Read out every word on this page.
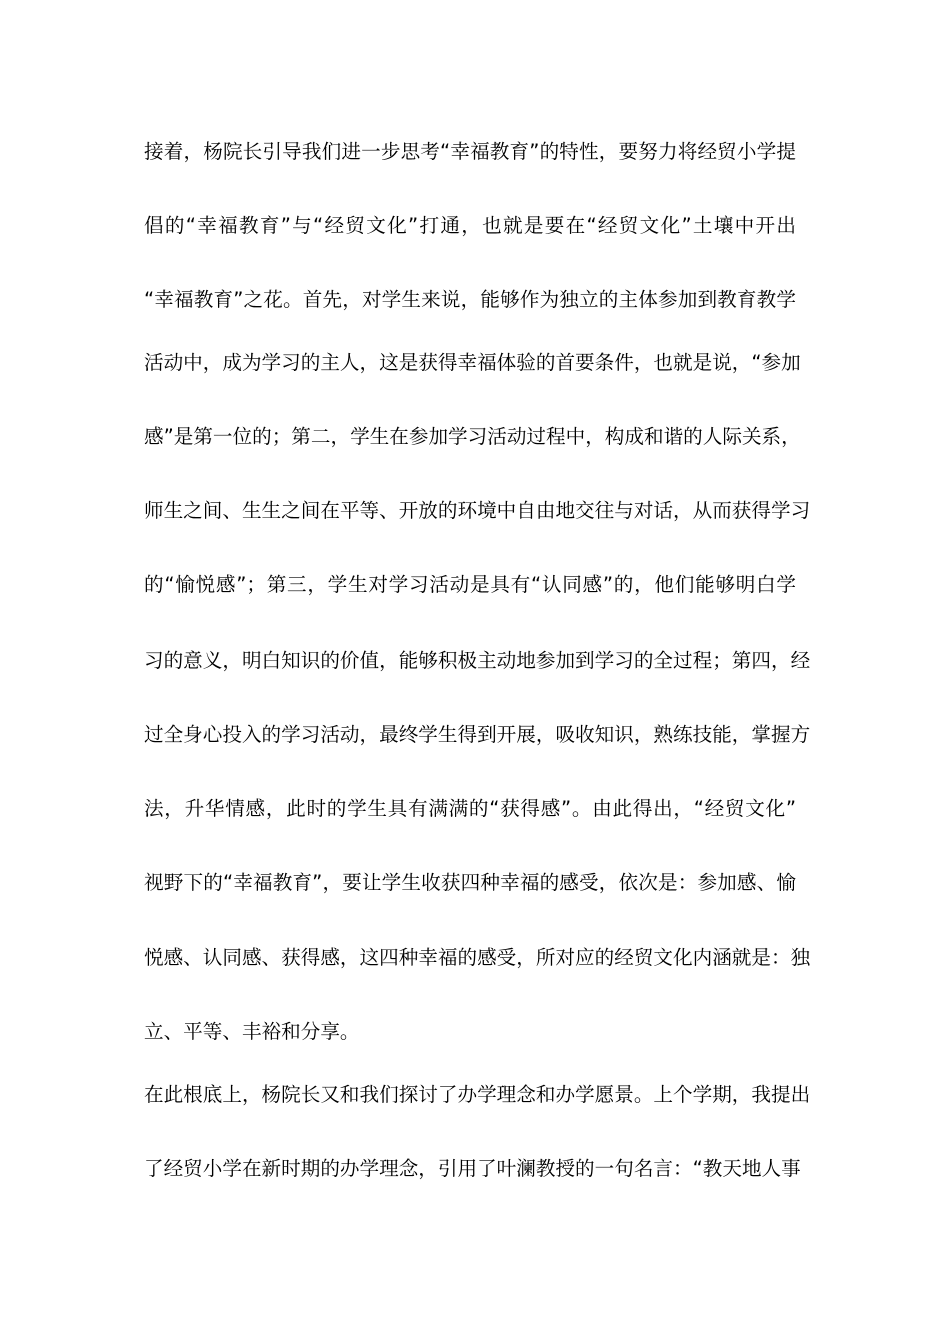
接着，杨院长引导我们进一步思考“幸福教育”的特性，要努力将经贸小学提
倡的“幸福教育”与“经贸文化”打通，也就是要在“经贸文化”土壤中开出
“幸福教育”之花。首先，对学生来说，能够作为独立的主体参加到教育教学
活动中，成为学习的主人，这是获得幸福体验的首要条件，也就是说，“参加
感”是第一位的；第二，学生在参加学习活动过程中，构成和谐的人际关系，
师生之间、生生之间在平等、开放的环境中自由地交往与对话，从而获得学习
的“愉悦感”；第三，学生对学习活动是具有“认同感”的，他们能够明白学
习的意义，明白知识的价值，能够积极主动地参加到学习的全过程；第四，经
过全身心投入的学习活动，最终学生得到开展，吸收知识，熟练技能，掌握方
法，升华情感，此时的学生具有满满的“获得感”。由此得出，“经贸文化”
视野下的“幸福教育”，要让学生收获四种幸福的感受，依次是：参加感、愉
悦感、认同感、获得感，这四种幸福的感受，所对应的经贸文化内涵就是：独
立、平等、丰裕和分享。
在此根底上，杨院长又和我们探讨了办学理念和办学愿景。上个学期，我提出
了经贸小学在新时期的办学理念，引用了叶澜教授的一句名言：“教天地人事
